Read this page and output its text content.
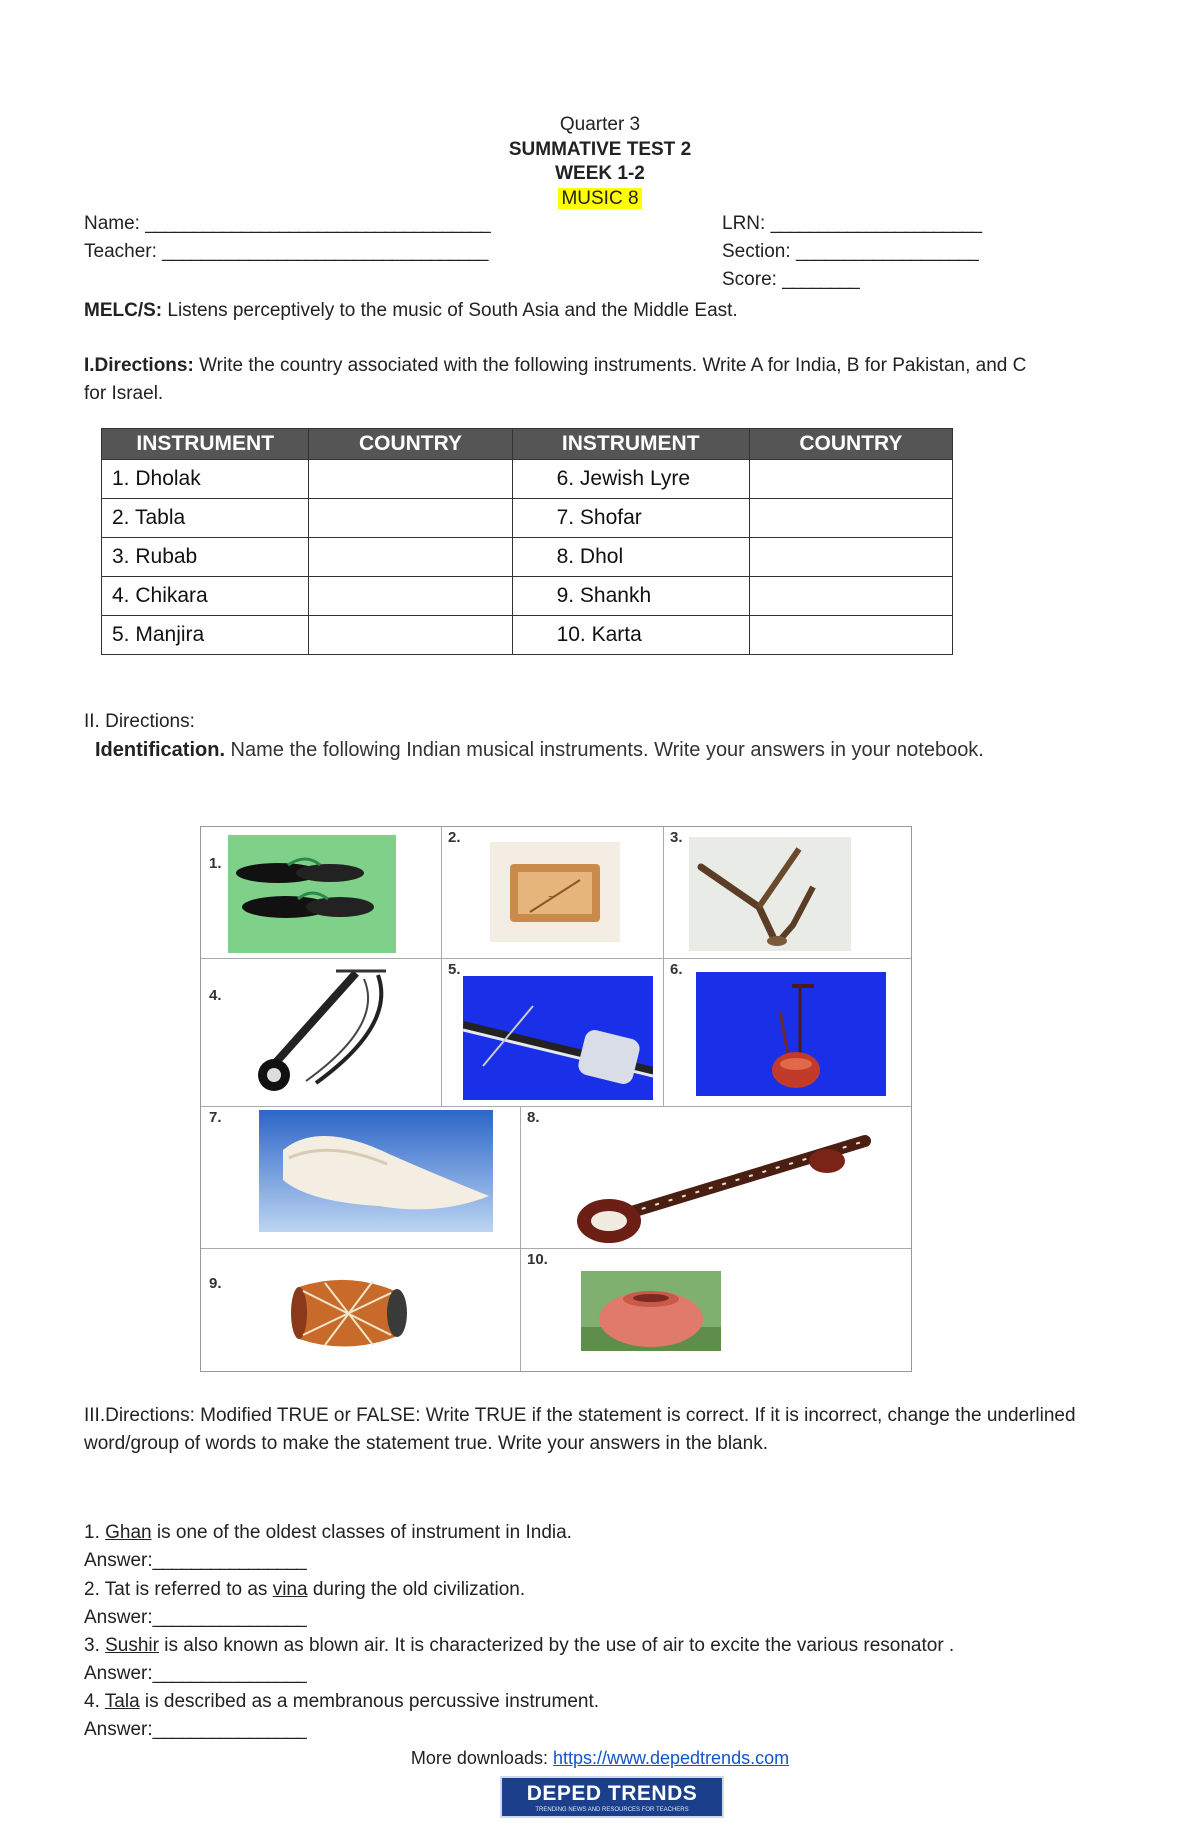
Quarter 3
SUMMATIVE TEST 2
WEEK 1-2
MUSIC 8
Name: ____________________________________
Teacher: __________________________________
LRN: ______________________
Section: ___________________
Score: ________
MELC/S: Listens perceptively to the music of South Asia and the Middle East.
I.Directions: Write the country associated with the following instruments. Write A for India, B for Pakistan, and C for Israel.
INSTRUMENT	COUNTRY	INSTRUMENT	COUNTRY
1. Dholak		6. Jewish Lyre	
2. Tabla		7. Shofar	
3. Rubab		8. Dhol	
4. Chikara		9. Shankh	
5. Manjira		10. Karta	
II. Directions:
Identification. Name the following Indian musical instruments. Write your answers in your notebook.
1.
2.
~
3.
4.
5.	6.
7.	8.
9.
10.
III.Directions: Modified TRUE or FALSE: Write TRUE if the statement is correct. If it is incorrect, change the underlined word/group of words to make the statement true. Write your answers in the blank.
1. Ghan is one of the oldest classes of instrument in India.
Answer:________________
2. Tat is referred to as vina during the old civilization.
Answer:________________
3. Sushir is also known as blown air. It is characterized by the use of air to excite the various resonator .
Answer:________________
4. Tala is described as a membranous percussive instrument.
Answer:________________
More downloads: https://www.depedtrends.com
DEPED TRENDS
TRENDING NEWS AND RESOURCES FOR TEACHERS
